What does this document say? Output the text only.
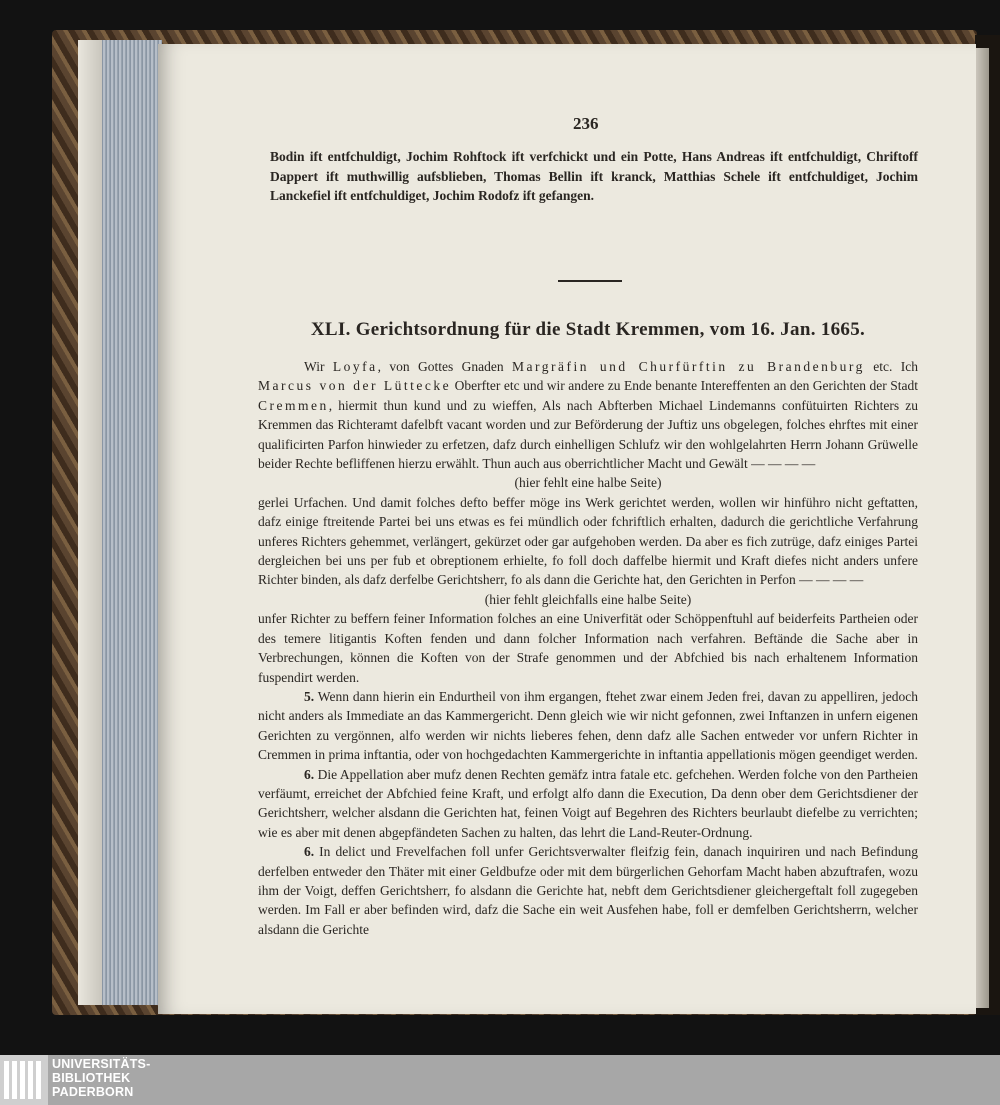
236
Bodin ift entfchuldigt, Jochim Rohftock ift verfchickt und ein Potte, Hans Andreas ift entfchuldigt, Chriftoff Dappert ift muthwillig aufsblieben, Thomas Bellin ift kranck, Matthias Schele ift entfchuldiget, Jochim Lanckefiel ift entfchuldiget, Jochim Rodofz ift gefangen.
XLI. Gerichtsordnung für die Stadt Kremmen, vom 16. Jan. 1665.

Wir Loyfa, von Gottes Gnaden Margräfin und Churfürftin zu Brandenburg etc. Ich Marcus von der Lüttecke Oberfter etc und wir andere zu Ende benante Intereffenten an den Gerichten der Stadt Cremmen, hiermit thun kund und zu wieffen, Als nach Abfterben Michael Lindemanns confütuirten Richters zu Kremmen das Richteramt dafelbft vacant worden und zur Beförderung der Juftiz uns obgelegen, folches ehrftes mit einer qualificirten Parfon hinwieder zu erfetzen, dafz durch einhelligen Schlufz wir den wohlgelahrten Herrn Johann Grüwelle beider Rechte befliffenen hierzu erwählt. Thun auch aus oberrichtlicher Macht und Gewält — — — —

(hier fehlt eine halbe Seite)

gerlei Urfachen. Und damit folches defto beffer möge ins Werk gerichtet werden, wollen wir hinführo nicht geftatten, dafz einige ftreitende Partei bei uns etwas es fei mündlich oder fchriftlich erhalten, dadurch die gerichtliche Verfahrung unferes Richters gehemmet, verlängert, gekürzet oder gar aufgehoben werden. Da aber es fich zutrüge, dafz einiges Partei dergleichen bei uns per fub et obreptionem erhielte, fo foll doch daffelbe hiermit und Kraft diefes nicht anders unfere Richter binden, als dafz derfelbe Gerichtsherr, fo als dann die Gerichte hat, den Gerichten in Perfon — — — —

(hier fehlt gleichfalls eine halbe Seite)

unfer Richter zu beffern feiner Information folches an eine Univerfität oder Schöppenftuhl auf beiderfeits Partheien oder des temere litigantis Koften fenden und dann folcher Information nach verfahren. Beftände die Sache aber in Verbrechungen, können die Koften von der Strafe genommen und der Abfchied bis nach erhaltenem Information fuspendirt werden.

5. Wenn dann hierin ein Endurtheil von ihm ergangen, ftehet zwar einem Jeden frei, davan zu appelliren, jedoch nicht anders als Immediate an das Kammergericht. Denn gleich wie wir nicht gefonnen, zwei Inftanzen in unfern eigenen Gerichten zu vergönnen, alfo werden wir nichts lieberes fehen, denn dafz alle Sachen entweder vor unfern Richter in Cremmen in prima inftantia, oder von hochgedachten Kammergerichte in inftantia appellationis mögen geendiget werden.

6. Die Appellation aber mufz denen Rechten gemäfz intra fatale etc. gefchehen. Werden folche von den Partheien verfäumt, erreichet der Abfchied feine Kraft, und erfolgt alfo dann die Execution, Da denn ober dem Gerichtsdiener der Gerichtsherr, welcher alsdann die Gerichten hat, feinen Voigt auf Begehren des Richters beurlaubt diefelbe zu verrichten; wie es aber mit denen abgepfändeten Sachen zu halten, das lehrt die Land-Reuter-Ordnung.

6. In delict und Frevelfachen foll unfer Gerichtsverwalter fleifzig fein, danach inquiriren und nach Befindung derfelben entweder den Thäter mit einer Geldbufze oder mit dem bürgerlichen Gehorfam Macht haben abzuftrafen, wozu ihm der Voigt, deffen Gerichtsherr, fo alsdann die Gerichte hat, nebft dem Gerichtsdiener gleichergeftalt foll zugegeben werden. Im Fall er aber befinden wird, dafz die Sache ein weit Ausfehen habe, foll er demfelben Gerichtsherrn, welcher alsdann die Gerichte

UNIVERSITÄTS-
BIBLIOTHEK
PADERBORN
